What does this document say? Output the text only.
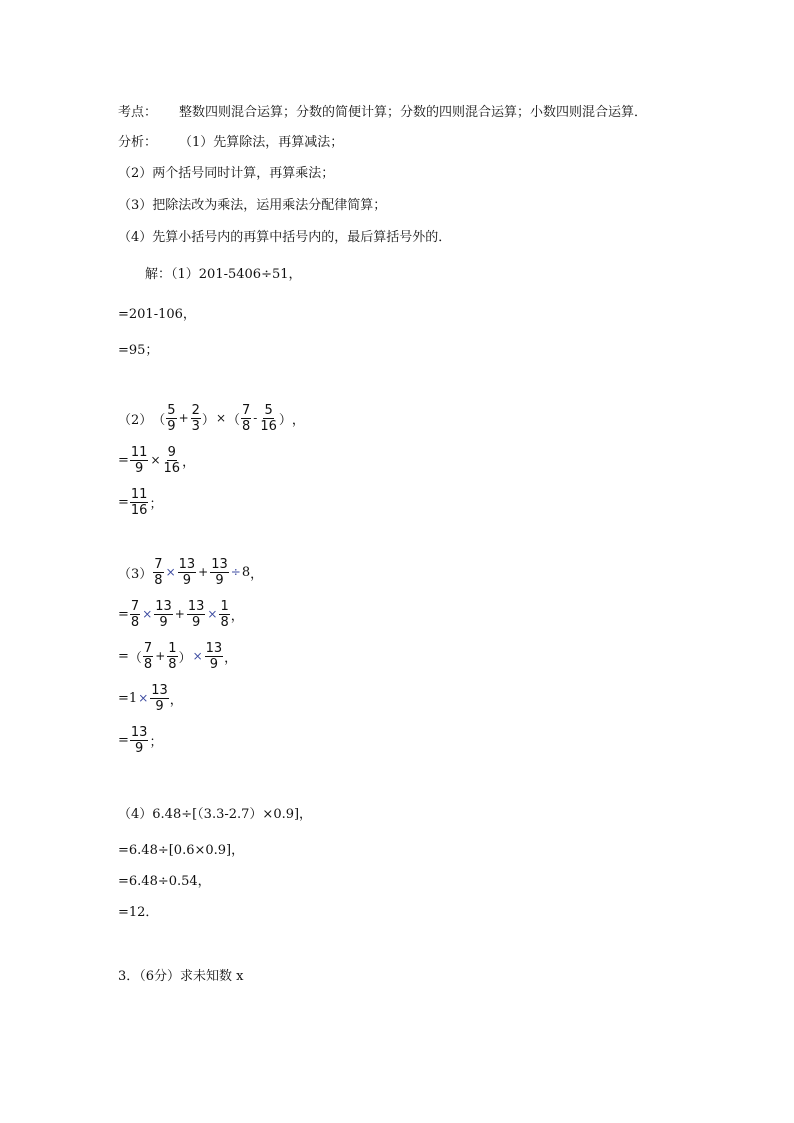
考点： 整数四则混合运算；分数的简便计算；分数的四则混合运算；小数四则混合运算．
分析： （1）先算除法，再算减法；
（2）两个括号同时计算，再算乘法；
（3）把除法改为乘法，运用乘法分配律简算；
（4）先算小括号内的再算中括号内的，最后算括号外的．
解：（1）201-5406÷51，
=201-106，
=95；
（2） （ $\frac{5}{9} + \frac{2}{3}$ ） × （ $\frac{7}{8} - \frac{5}{16}$ ） ，
= $\frac{11}{9} \times \frac{9}{16}$ ，
= $\frac{11}{16}$ ；
$(3) \frac{7}{8} \times \frac{13}{9} + \frac{13}{9} \div 8$ ，
= $\frac{7}{8} \times \frac{13}{9} + \frac{13}{9} \times \frac{1}{8}$ ，
= （ $\frac{7}{8} + \frac{1}{8}$ ） × $\frac{13}{9}$ ，
= $1 \times \frac{13}{9}$ ，
= $\frac{13}{9}$ ；
（4）6.48÷[（3.3-2.7）×0.9]，
=6.48÷[0.6×0.9]，
=6.48÷0.54，
=12．
3．（6分）求未知数 x
